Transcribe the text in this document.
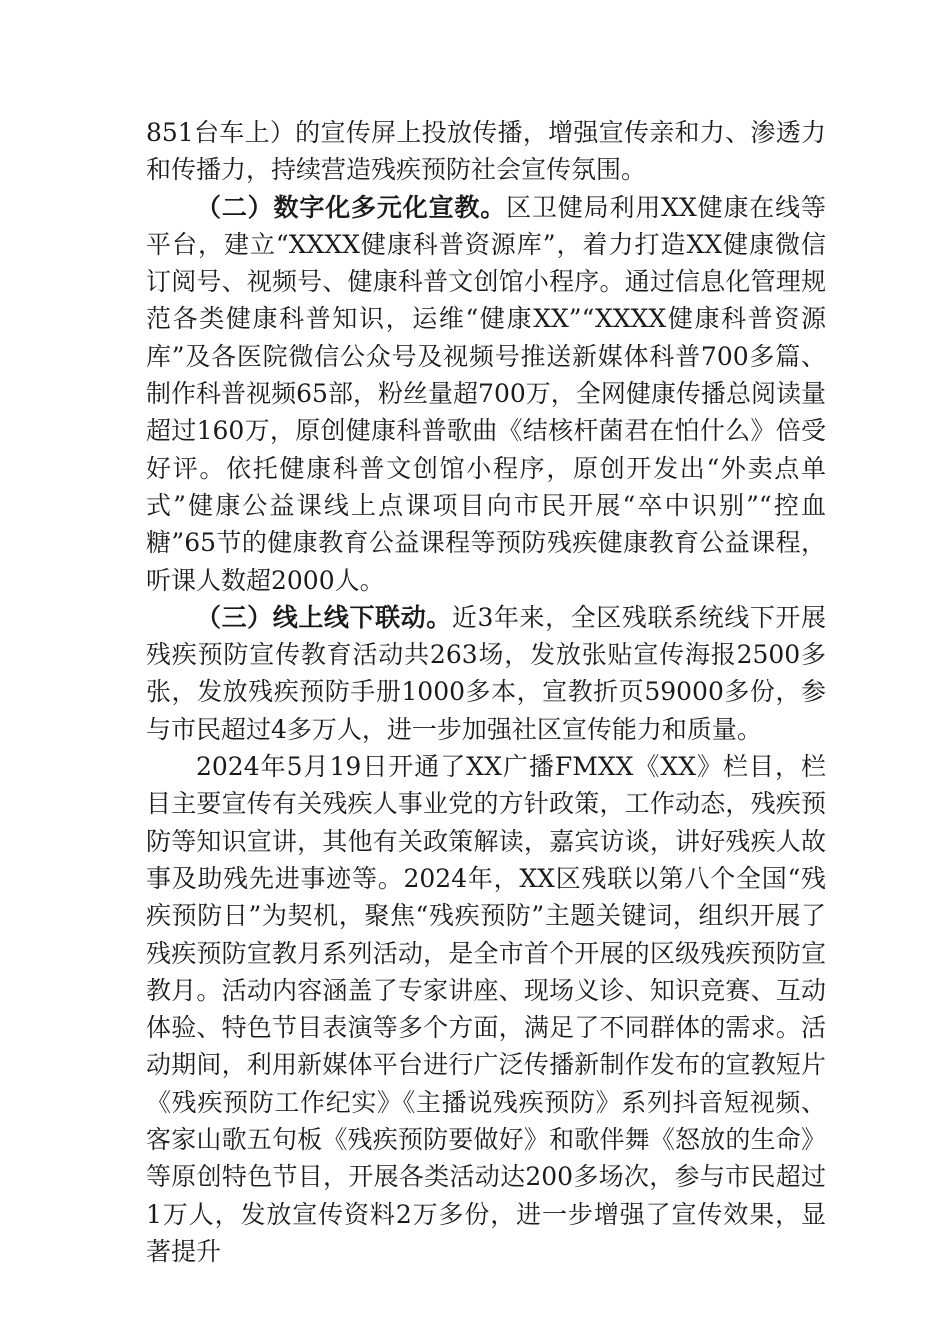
851台车上）的宣传屏上投放传播，增强宣传亲和力、渗透力和传播力，持续营造残疾预防社会宣传氛围。

（二）数字化多元化宣教。区卫健局利用XX健康在线等平台，建立“XXXX健康科普资源库”，着力打造XX健康微信订阅号、视频号、健康科普文创馆小程序。通过信息化管理规范各类健康科普知识，运维“健康XX”“XXXX健康科普资源库”及各医院微信公众号及视频号推送新媒体科普700多篇、制作科普视频65部，粉丝量超700万，全网健康传播总阅读量超过160万，原创健康科普歌曲《结核杆菌君在怕什么》倍受好评。依托健康科普文创馆小程序，原创开发出“外卖点单式”健康公益课线上点课项目向市民开展“卒中识别”“控血糖”65节的健康教育公益课程等预防残疾健康教育公益课程，听课人数超2000人。

（三）线上线下联动。近3年来，全区残联系统线下开展残疾预防宣传教育活动共263场，发放张贴宣传海报2500多张，发放残疾预防手册1000多本，宣教折页59000多份，参与市民超过4多万人，进一步加强社区宣传能力和质量。

2024年5月19日开通了XX广播FMXX《XX》栏目，栏目主要宣传有关残疾人事业党的方针政策，工作动态，残疾预防等知识宣讲，其他有关政策解读，嘉宾访谈，讲好残疾人故事及助残先进事迹等。2024年，XX区残联以第八个全国“残疾预防日”为契机，聚焦“残疾预防”主题关键词，组织开展了残疾预防宣教月系列活动，是全市首个开展的区级残疾预防宣教月。活动内容涵盖了专家讲座、现场义诊、知识竞赛、互动体验、特色节目表演等多个方面，满足了不同群体的需求。活动期间，利用新媒体平台进行广泛传播新制作发布的宣教短片《残疾预防工作纪实》《主播说残疾预防》系列抖音短视频、客家山歌五句板《残疾预防要做好》和歌伴舞《怒放的生命》等原创特色节目，开展各类活动达200多场次，参与市民超过1万人，发放宣传资料2万多份，进一步增强了宣传效果，显著提升
